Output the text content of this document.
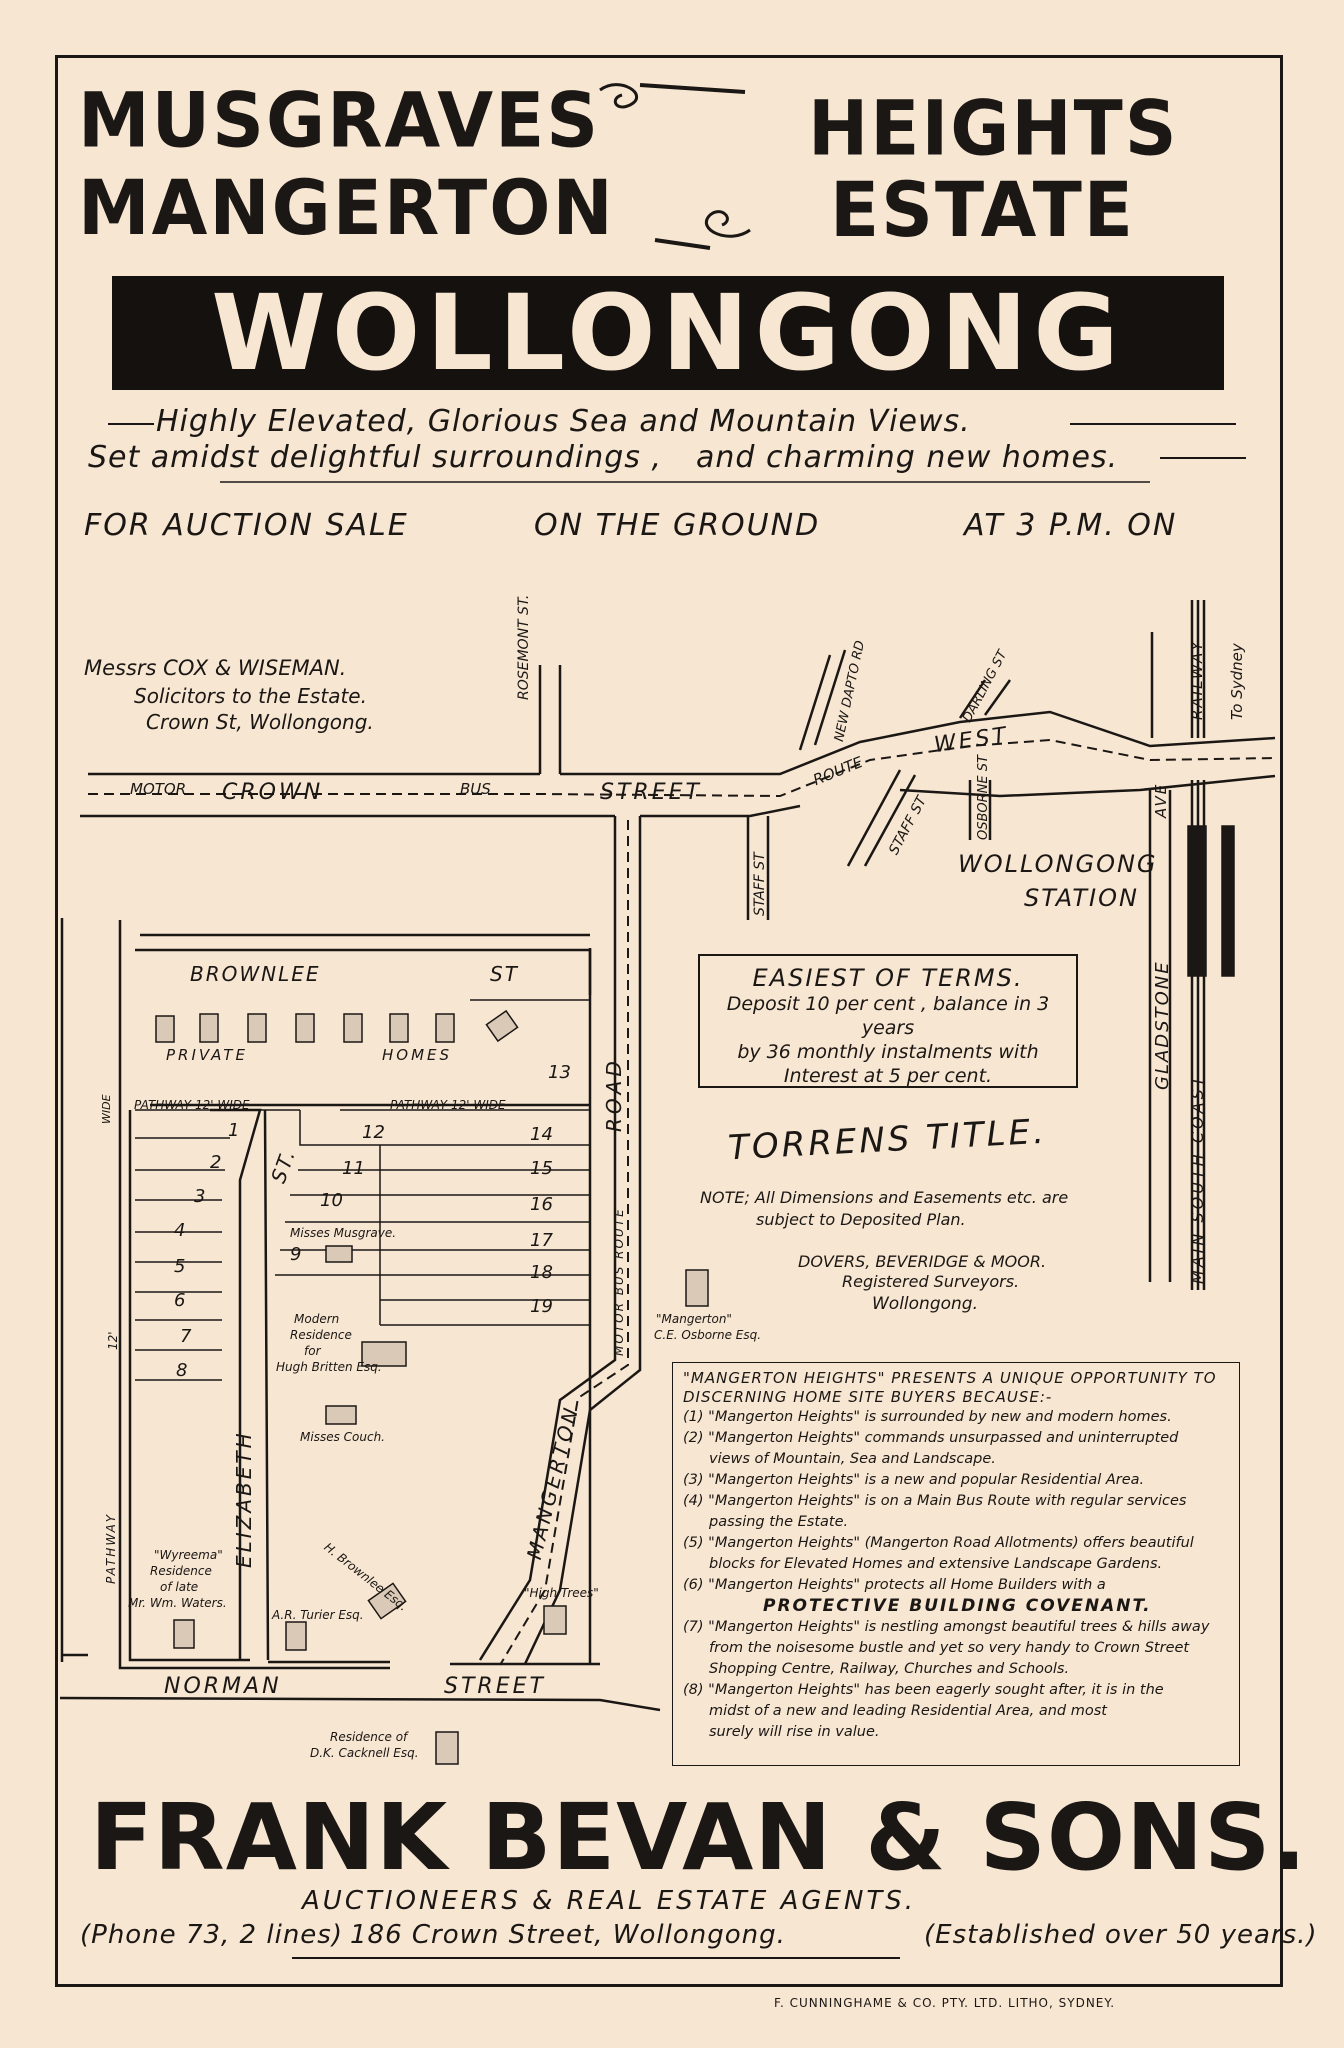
MUSGRAVES
MANGERTON
HEIGHTS
ESTATE
WOLLONGONG
Highly Elevated, Glorious Sea and Mountain Views.
Set amidst delightful surroundings , and charming new homes.
FOR AUCTION SALE	ON THE GROUND	AT 3 P.M. ON
Messrs COX & WISEMAN.
Solicitors to the Estate.
Crown St, Wollongong.
MOTOR CROWN	BUS	STREET
ROUTE
WEST
ROSEMONT ST.	NEW DAPTO RD	DARLING ST	RAILWAY To Sydney
STAFF ST
STAFF ST	OSBORNE ST	AVE
GLADSTONE
MAIN SOUTH COAST
WOLLONGONG
STATION
BROWNLEE	ST
PRIVATE	HOMES
PATHWAY 12' WIDE	PATHWAY 12' WIDE	ROAD
MOTOR BUS ROUTE
WIDE
12'
PATHWAY	ELIZABETH
ST.
MANGERTON
NORMAN	STREET
1
2
3
4
5
6
7
8
13
12	14
11	15
10	16
9
17
18
19
Misses Musgrave.
Modern
Residence
for
Hugh Britten Esq.
Misses Couch.
H. Brownlee Esq.	"High Trees"
A.R. Turier Esq.
"Wyreema"
Residence
of late
Mr. Wm. Waters.
"Mangerton"
C.E. Osborne Esq.
Residence of
D.K. Cacknell Esq.
EASIEST OF TERMS.
Deposit 10 per cent , balance in 3 years
by 36 monthly instalments with
Interest at 5 per cent.
TORRENS TITLE.
NOTE; All Dimensions and Easements etc. are
subject to Deposited Plan.
DOVERS, BEVERIDGE & MOOR.
Registered Surveyors.
Wollongong.
"MANGERTON HEIGHTS" PRESENTS A UNIQUE OPPORTUNITY TO
DISCERNING HOME SITE BUYERS BECAUSE:-
(1) "Mangerton Heights" is surrounded by new and modern homes.
(2) "Mangerton Heights" commands unsurpassed and uninterrupted
views of Mountain, Sea and Landscape.
(3) "Mangerton Heights" is a new and popular Residential Area.
(4) "Mangerton Heights" is on a Main Bus Route with regular services
passing the Estate.
(5) "Mangerton Heights" (Mangerton Road Allotments) offers beautiful
blocks for Elevated Homes and extensive Landscape Gardens.
(6) "Mangerton Heights" protects all Home Builders with a
PROTECTIVE BUILDING COVENANT.
(7) "Mangerton Heights" is nestling amongst beautiful trees & hills away
from the noisesome bustle and yet so very handy to Crown Street
Shopping Centre, Railway, Churches and Schools.
(8) "Mangerton Heights" has been eagerly sought after, it is in the
midst of a new and leading Residential Area, and most
surely will rise in value.
FRANK BEVAN & SONS.
AUCTIONEERS & REAL ESTATE AGENTS.
(Phone 73, 2 lines) 186 Crown Street, Wollongong.	(Established over 50 years.)
F. CUNNINGHAME & CO. PTY. LTD. LITHO, SYDNEY.
